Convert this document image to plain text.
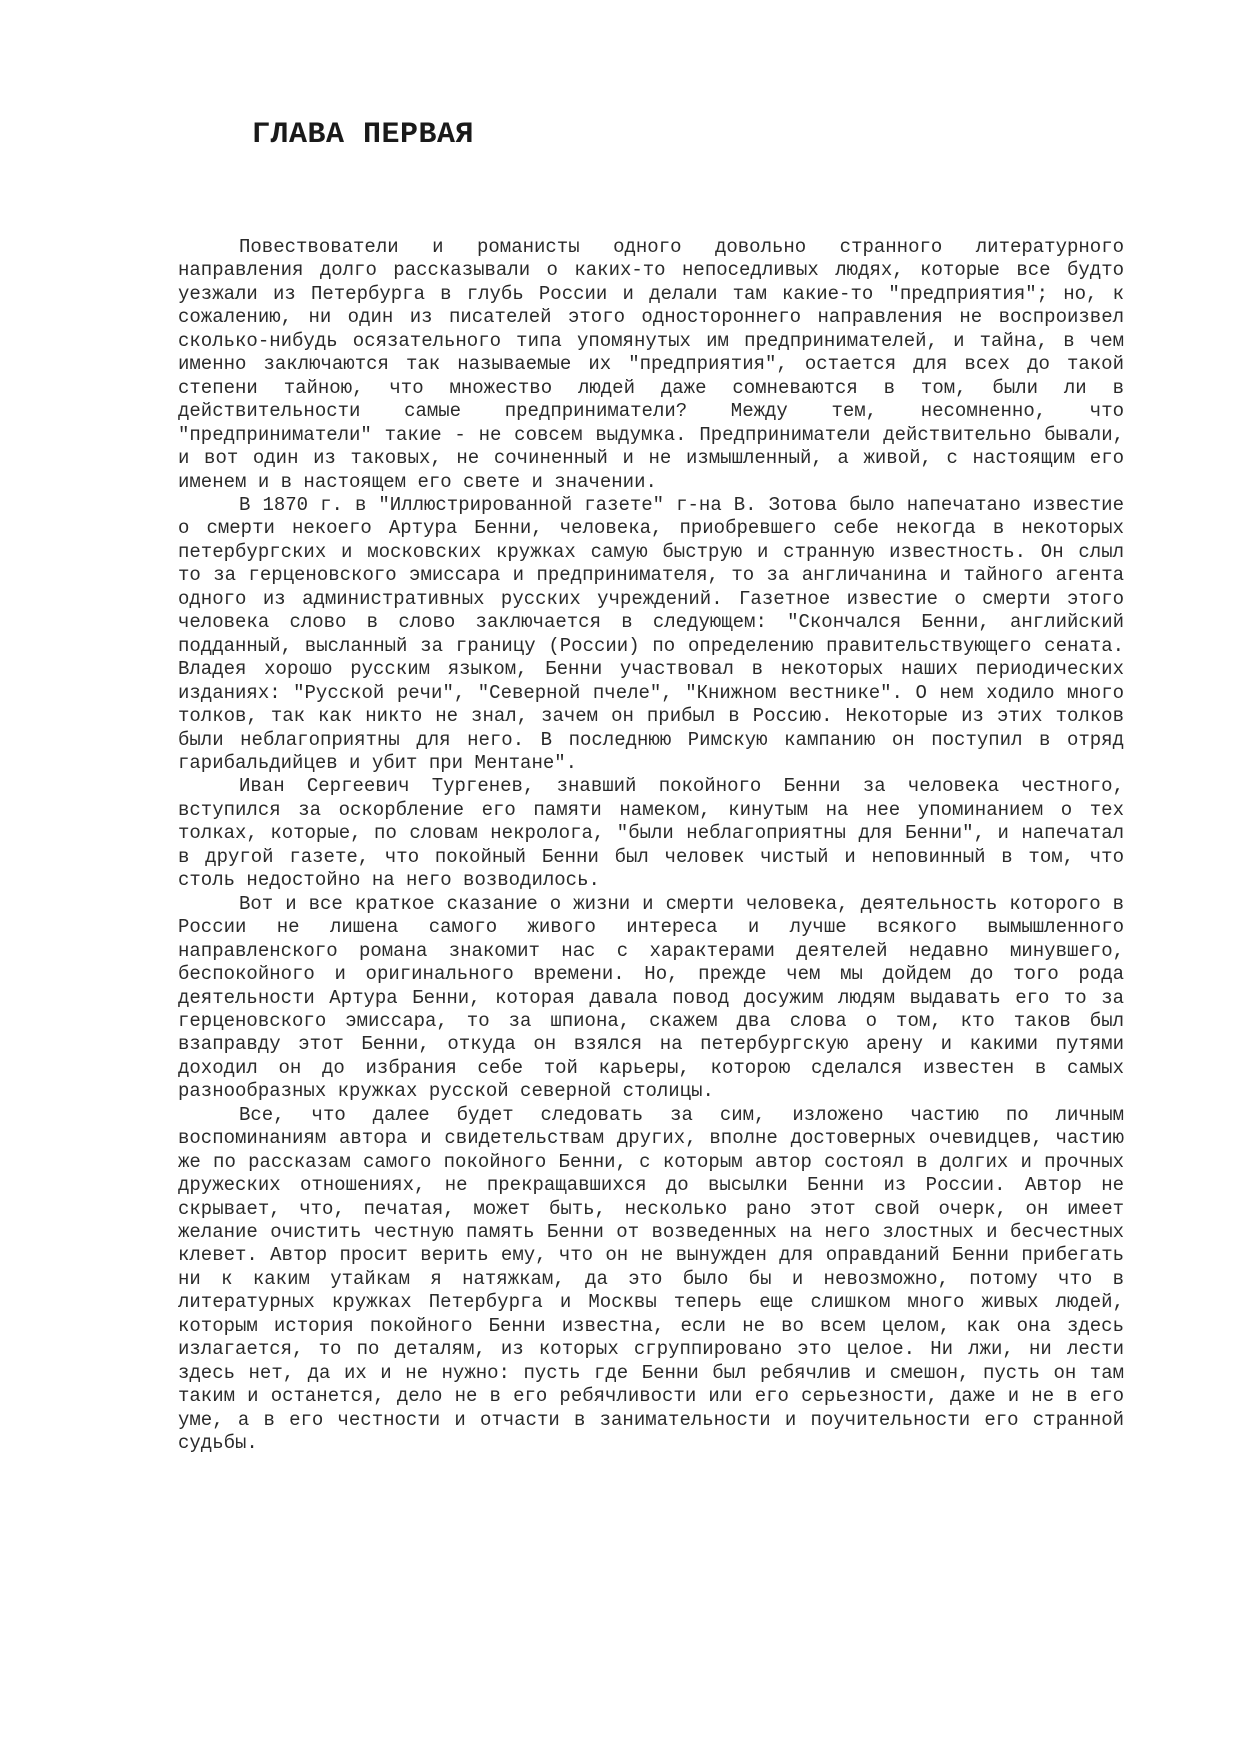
ГЛАВА ПЕРВАЯ

Повествователи и романисты одного довольно странного литературного направления долго рассказывали о каких-то непоседливых людях, которые все будто уезжали из Петербурга в глубь России и делали там какие-то "предприятия"; но, к сожалению, ни один из писателей этого одностороннего направления не воспроизвел сколько-нибудь осязательного типа упомянутых им предпринимателей, и тайна, в чем именно заключаются так называемые их "предприятия", остается для всех до такой степени тайною, что множество людей даже сомневаются в том, были ли в действительности самые предприниматели? Между тем, несомненно, что "предприниматели" такие - не совсем выдумка. Предприниматели действительно бывали, и вот один из таковых, не сочиненный и не измышленный, а живой, с настоящим его именем и в настоящем его свете и значении.

В 1870 г. в "Иллюстрированной газете" г-на В. Зотова было напечатано известие о смерти некоего Артура Бенни, человека, приобревшего себе некогда в некоторых петербургских и московских кружках самую быструю и странную известность. Он слыл то за герценовского эмиссара и предпринимателя, то за англичанина и тайного агента одного из административных русских учреждений. Газетное известие о смерти этого человека слово в слово заключается в следующем: "Скончался Бенни, английский подданный, высланный за границу (России) по определению правительствующего сената. Владея хорошо русским языком, Бенни участвовал в некоторых наших периодических изданиях: "Русской речи", "Северной пчеле", "Книжном вестнике". О нем ходило много толков, так как никто не знал, зачем он прибыл в Россию. Некоторые из этих толков были неблагоприятны для него. В последнюю Римскую кампанию он поступил в отряд гарибальдийцев и убит при Ментане".

Иван Сергеевич Тургенев, знавший покойного Бенни за человека честного, вступился за оскорбление его памяти намеком, кинутым на нее упоминанием о тех толках, которые, по словам некролога, "были неблагоприятны для Бенни", и напечатал в другой газете, что покойный Бенни был человек чистый и неповинный в том, что столь недостойно на него возводилось.

Вот и все краткое сказание о жизни и смерти человека, деятельность которого в России не лишена самого живого интереса и лучше всякого вымышленного направленского романа знакомит нас с характерами деятелей недавно минувшего, беспокойного и оригинального времени. Но, прежде чем мы дойдем до того рода деятельности Артура Бенни, которая давала повод досужим людям выдавать его то за герценовского эмиссара, то за шпиона, скажем два слова о том, кто таков был взаправду этот Бенни, откуда он взялся на петербургскую арену и какими путями доходил он до избрания себе той карьеры, которою сделался известен в самых разнообразных кружках русской северной столицы.

Все, что далее будет следовать за сим, изложено частию по личным воспоминаниям автора и свидетельствам других, вполне достоверных очевидцев, частию же по рассказам самого покойного Бенни, с которым автор состоял в долгих и прочных дружеских отношениях, не прекращавшихся до высылки Бенни из России. Автор не скрывает, что, печатая, может быть, несколько рано этот свой очерк, он имеет желание очистить честную память Бенни от возведенных на него злостных и бесчестных клевет. Автор просит верить ему, что он не вынужден для оправданий Бенни прибегать ни к каким утайкам я натяжкам, да это было бы и невозможно, потому что в литературных кружках Петербурга и Москвы теперь еще слишком много живых людей, которым история покойного Бенни известна, если не во всем целом, как она здесь излагается, то по деталям, из которых сгруппировано это целое. Ни лжи, ни лести здесь нет, да их и не нужно: пусть где Бенни был ребячлив и смешон, пусть он там таким и останется, дело не в его ребячливости или его серьезности, даже и не в его уме, а в его честности и отчасти в занимательности и поучительности его странной судьбы.
